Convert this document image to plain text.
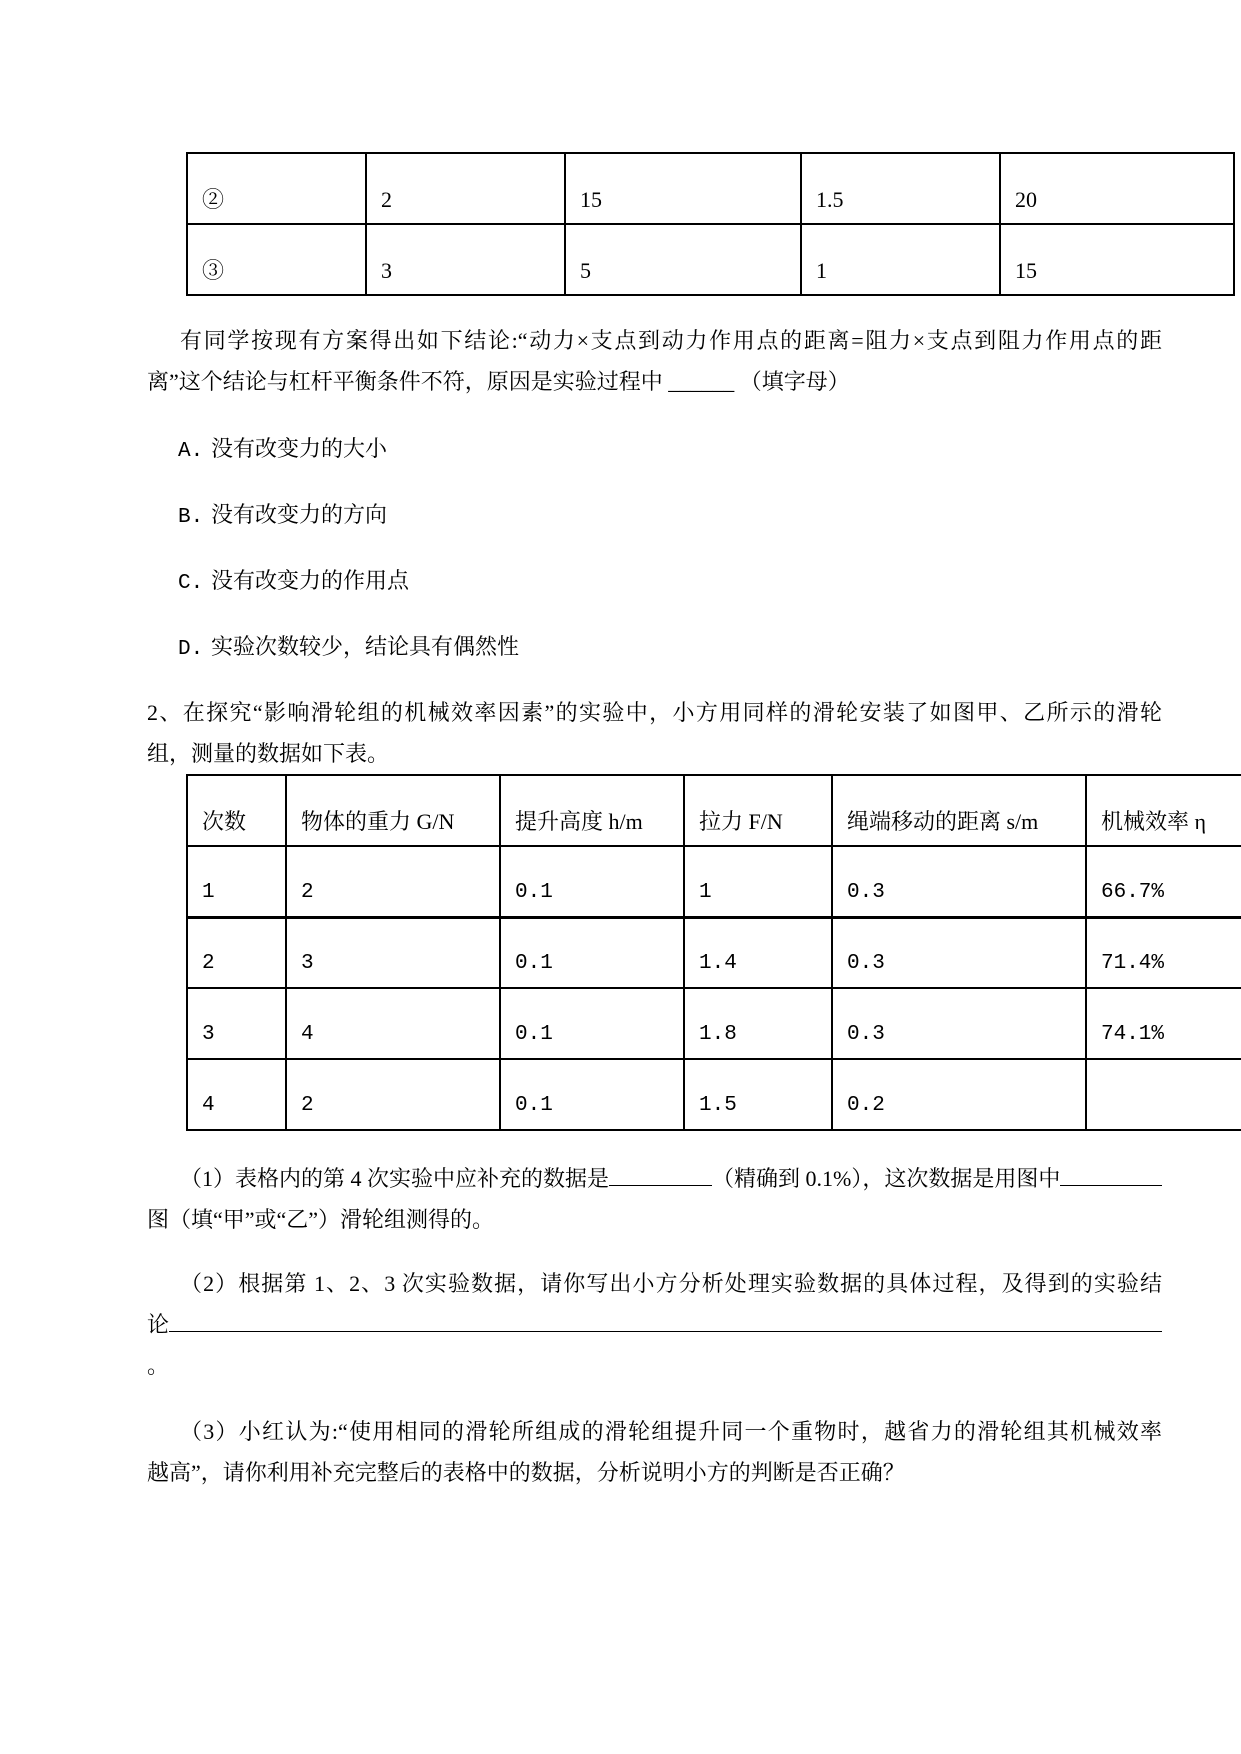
②	2	15	1.5	20
③	3	5	1	15
有同学按现有方案得出如下结论:“动力×支点到动力作用点的距离=阻力×支点到阻力作用点的距
离”这个结论与杠杆平衡条件不符，原因是实验过程中 ______ （填字母）
A. 没有改变力的大小
B. 没有改变力的方向
C. 没有改变力的作用点
D. 实验次数较少，结论具有偶然性
2、在探究“影响滑轮组的机械效率因素”的实验中，小方用同样的滑轮安装了如图甲、乙所示的滑轮
组，测量的数据如下表。
次数	物体的重力 G/N	提升高度 h/m	拉力 F/N	绳端移动的距离 s/m	机械效率 η
1	2	0.1	1	0.3	66.7%
2	3	0.1	1.4	0.3	71.4%
3	4	0.1	1.8	0.3	74.1%
4	2	0.1	1.5	0.2	
（1）表格内的第 4 次实验中应补充的数据是	（精确到 0.1%），这次数据是用图中
图（填“甲”或“乙”）滑轮组测得的。
（2）根据第 1、2、3 次实验数据，请你写出小方分析处理实验数据的具体过程，及得到的实验结
论
。
（3）小红认为:“使用相同的滑轮所组成的滑轮组提升同一个重物时，越省力的滑轮组其机械效率
越高”，请你利用补充完整后的表格中的数据，分析说明小方的判断是否正确？
